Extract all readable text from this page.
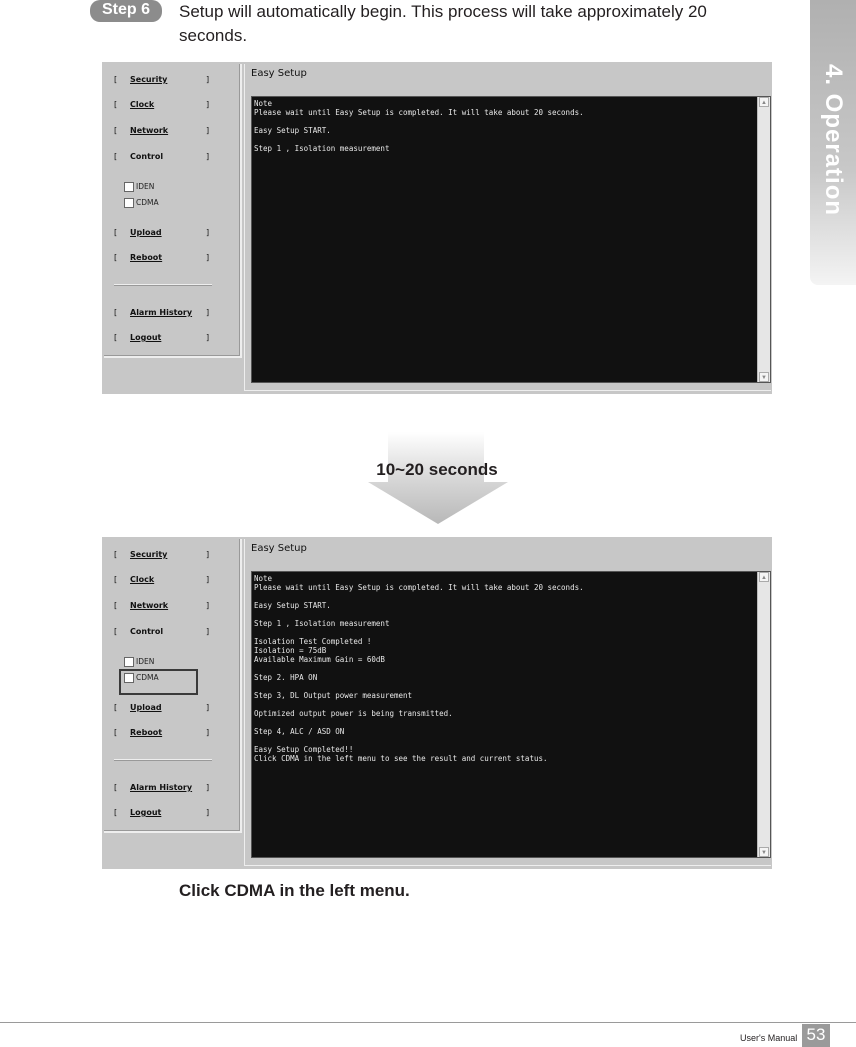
Step 6	Setup will automatically begin. This process will take approximately 20 seconds.
4. Operation
[ Security	]
[ Clock	]
[ Network	]
[ Control	]
IDEN
CDMA
[ Upload	]
[ Reboot	]
[ Alarm History ]
[ Logout	]
Easy Setup
Note
Please wait until Easy Setup is completed. It will take about 20 seconds.

Easy Setup START.

Step 1 , Isolation measurement
▲
▼
10~20 seconds
[ Security	]
[ Clock	]
[ Network	]
[ Control	]
IDEN
CDMA
[ Upload	]
[ Reboot	]
[ Alarm History ]
[ Logout	]
Easy Setup
Note
Please wait until Easy Setup is completed. It will take about 20 seconds.

Easy Setup START.

Step 1 , Isolation measurement

Isolation Test Completed !
Isolation = 75dB
Available Maximum Gain = 60dB

Step 2. HPA ON

Step 3, DL Output power measurement

Optimized output power is being transmitted.

Step 4, ALC / ASD ON

Easy Setup Completed!!
Click CDMA in the left menu to see the result and current status.
▲
▼
Click CDMA in the left menu.
User's Manual 53
